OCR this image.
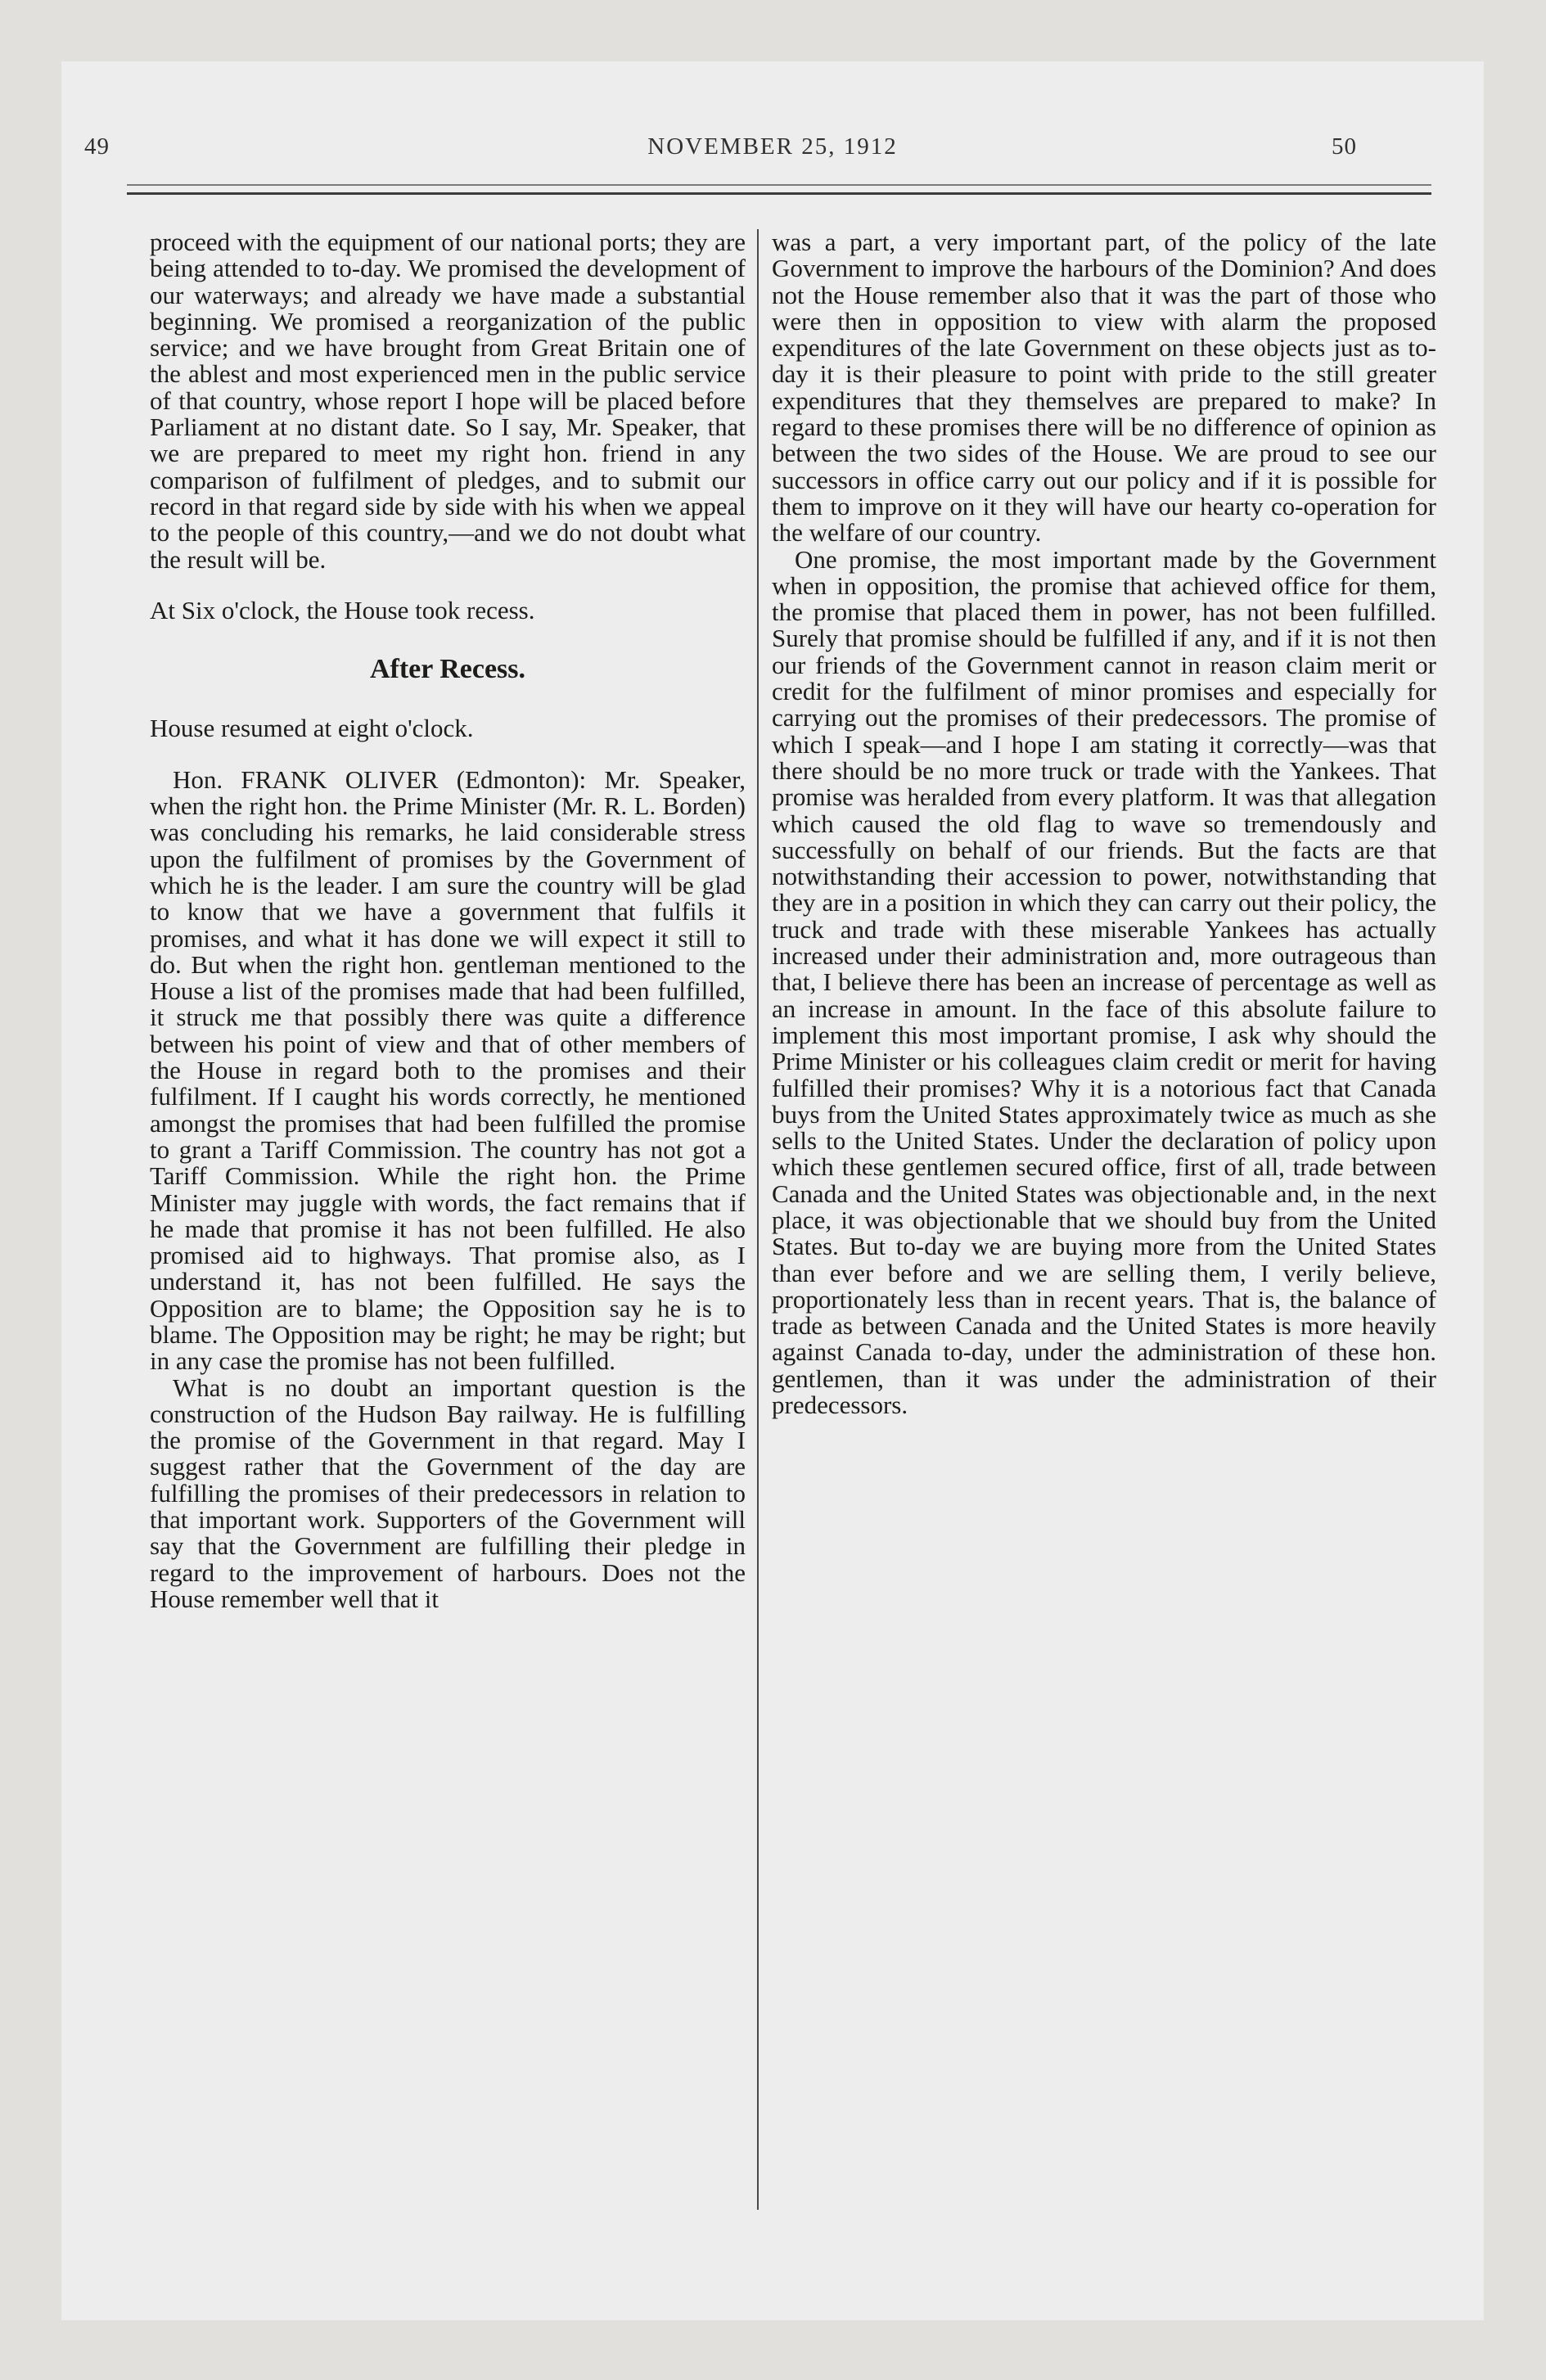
49	NOVEMBER 25, 1912	50

proceed with the equipment of our national ports; they are being attended to to-day. We promised the development of our waterways; and already we have made a substantial beginning. We promised a reorganization of the public service; and we have brought from Great Britain one of the ablest and most experienced men in the public service of that country, whose report I hope will be placed before Parliament at no distant date. So I say, Mr. Speaker, that we are prepared to meet my right hon. friend in any comparison of fulfilment of pledges, and to submit our record in that regard side by side with his when we appeal to the people of this country,—and we do not doubt what the result will be.

At Six o'clock, the House took recess.

After Recess.

House resumed at eight o'clock.

Hon. FRANK OLIVER (Edmonton): Mr. Speaker, when the right hon. the Prime Minister (Mr. R. L. Borden) was concluding his remarks, he laid considerable stress upon the fulfilment of promises by the Government of which he is the leader. I am sure the country will be glad to know that we have a government that fulfils it promises, and what it has done we will expect it still to do. But when the right hon. gentleman mentioned to the House a list of the promises made that had been fulfilled, it struck me that possibly there was quite a difference between his point of view and that of other members of the House in regard both to the promises and their fulfilment. If I caught his words correctly, he mentioned amongst the promises that had been fulfilled the promise to grant a Tariff Commission. The country has not got a Tariff Commission. While the right hon. the Prime Minister may juggle with words, the fact remains that if he made that promise it has not been fulfilled. He also promised aid to highways. That promise also, as I understand it, has not been fulfilled. He says the Opposition are to blame; the Opposition say he is to blame. The Opposition may be right; he may be right; but in any case the promise has not been fulfilled.

What is no doubt an important question is the construction of the Hudson Bay railway. He is fulfilling the promise of the Government in that regard. May I suggest rather that the Government of the day are fulfilling the promises of their predecessors in relation to that important work. Supporters of the Government will say that the Government are fulfilling their pledge in regard to the improvement of harbours. Does not the House remember well that it

was a part, a very important part, of the policy of the late Government to improve the harbours of the Dominion? And does not the House remember also that it was the part of those who were then in opposition to view with alarm the proposed expenditures of the late Government on these objects just as to-day it is their pleasure to point with pride to the still greater expenditures that they themselves are prepared to make? In regard to these promises there will be no difference of opinion as between the two sides of the House. We are proud to see our successors in office carry out our policy and if it is possible for them to improve on it they will have our hearty co-operation for the welfare of our country.

One promise, the most important made by the Government when in opposition, the promise that achieved office for them, the promise that placed them in power, has not been fulfilled. Surely that promise should be fulfilled if any, and if it is not then our friends of the Government cannot in reason claim merit or credit for the fulfilment of minor promises and especially for carrying out the promises of their predecessors. The promise of which I speak—and I hope I am stating it correctly—was that there should be no more truck or trade with the Yankees. That promise was heralded from every platform. It was that allegation which caused the old flag to wave so tremendously and successfully on behalf of our friends. But the facts are that notwithstanding their accession to power, notwithstanding that they are in a position in which they can carry out their policy, the truck and trade with these miserable Yankees has actually increased under their administration and, more outrageous than that, I believe there has been an increase of percentage as well as an increase in amount. In the face of this absolute failure to implement this most important promise, I ask why should the Prime Minister or his colleagues claim credit or merit for having fulfilled their promises? Why it is a notorious fact that Canada buys from the United States approximately twice as much as she sells to the United States. Under the declaration of policy upon which these gentlemen secured office, first of all, trade between Canada and the United States was objectionable and, in the next place, it was objectionable that we should buy from the United States. But to-day we are buying more from the United States than ever before and we are selling them, I verily believe, proportionately less than in recent years. That is, the balance of trade as between Canada and the United States is more heavily against Canada to-day, under the administration of these hon. gentlemen, than it was under the administration of their predecessors.
